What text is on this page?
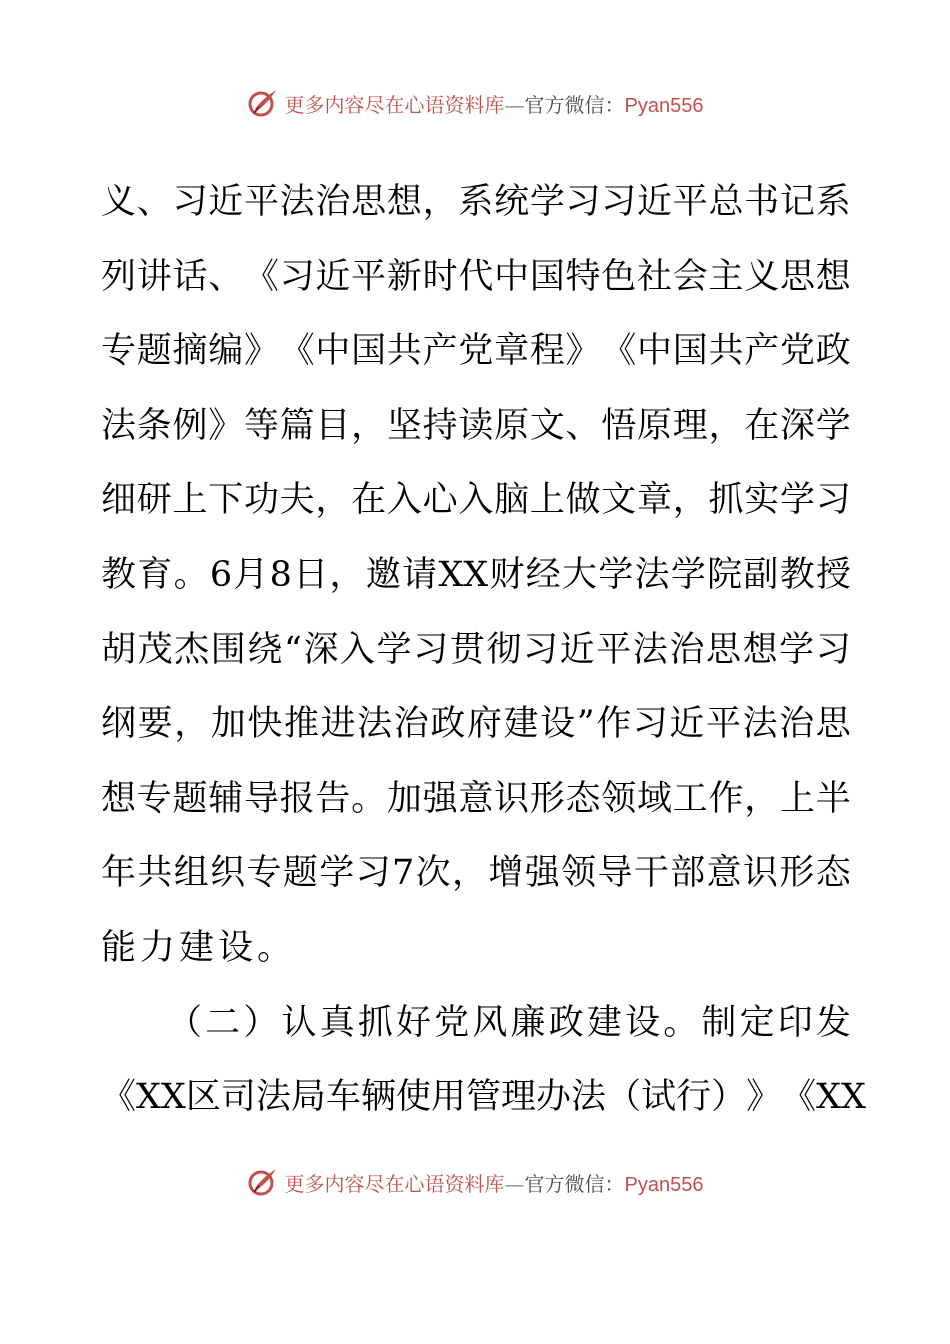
更多内容尽在心语资料库—官方微信：Pyan556
义 、 习 近 平 法 治 思 想 ， 系 统 学 习 习 近 平 总 书 记 系
列 讲 话 、 《 习 近 平 新 时 代 中 国 特 色 社 会 主 义 思 想
专 题 摘 编 》 《 中 国 共 产 党 章 程 》 《 中 国 共 产 党 政
法 条 例 》 等 篇 目 ， 坚 持 读 原 文 、 悟 原 理 ， 在 深 学
细 研 上 下 功 夫 ， 在 入 心 入 脑 上 做 文 章 ， 抓 实 学 习
教 育 。 6 月 8 日 ， 邀 请 XX 财 经 大 学 法 学 院 副 教 授
胡 茂 杰 围 绕 “ 深 入 学 习 贯 彻 习 近 平 法 治 思 想 学 习
纲 要 ， 加 快 推 进 法 治 政 府 建 设 ” 作 习 近 平 法 治 思
想 专 题 辅 导 报 告 。 加 强 意 识 形 态 领 域 工 作 ， 上 半
年 共 组 织 专 题 学 习 7 次 ， 增 强 领 导 干 部 意 识 形 态
能力建设。
（ 二 ） 认 真 抓 好 党 风 廉 政 建 设 。 制 定 印 发
《 XX 区 司 法 局 车 辆 使 用 管 理 办 法 （ 试 行 ） 》 《 XX
更多内容尽在心语资料库—官方微信：Pyan556
